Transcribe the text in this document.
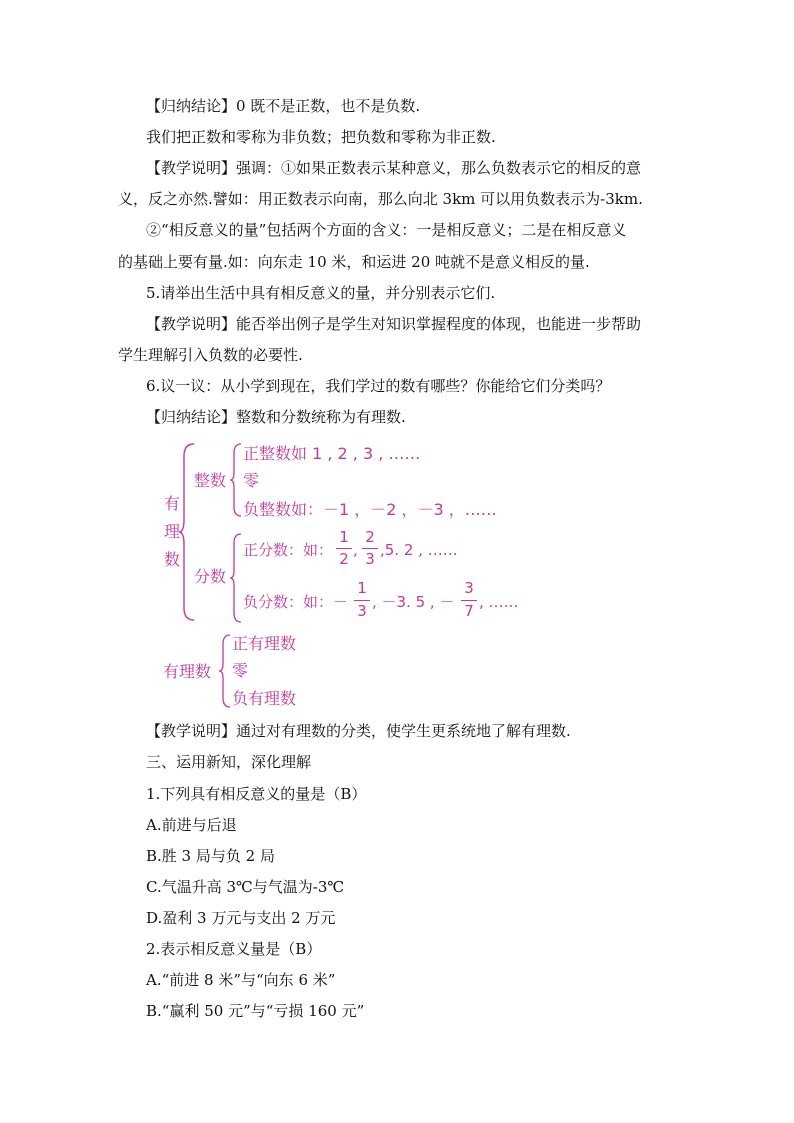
【归纳结论】0 既不是正数，也不是负数.
我们把正数和零称为非负数；把负数和零称为非正数.
【教学说明】强调：①如果正数表示某种意义，那么负数表示它的相反的意
义，反之亦然.譬如：用正数表示向南，那么向北 3km 可以用负数表示为-3km.
②“相反意义的量”包括两个方面的含义：一是相反意义；二是在相反意义
的基础上要有量.如：向东走 10 米，和运进 20 吨就不是意义相反的量.
5.请举出生活中具有相反意义的量，并分别表示它们.
【教学说明】能否举出例子是学生对知识掌握程度的体现，也能进一步帮助
学生理解引入负数的必要性.
6.议一议：从小学到现在，我们学过的数有哪些？你能给它们分类吗？
【归纳结论】整数和分数统称为有理数.
有
理
数
整数
正整数如 1 , 2 , 3 , ……
零
负整数如：－1 ，－2 ，－3 ，……
分数
正分数：如：
1
2 ,
2
3 ,5. 2 , ……
负分数：如：－
1
3 , －3. 5 , －
3
7 , ……
有理数
正有理数
零
负有理数
【教学说明】通过对有理数的分类，使学生更系统地了解有理数.
三、运用新知，深化理解
1.下列具有相反意义的量是（B）
A.前进与后退
B.胜 3 局与负 2 局
C.气温升高 3℃与气温为-3℃
D.盈利 3 万元与支出 2 万元
2.表示相反意义量是（B）
A.“前进 8 米”与“向东 6 米”
B.“赢利 50 元”与“亏损 160 元”
